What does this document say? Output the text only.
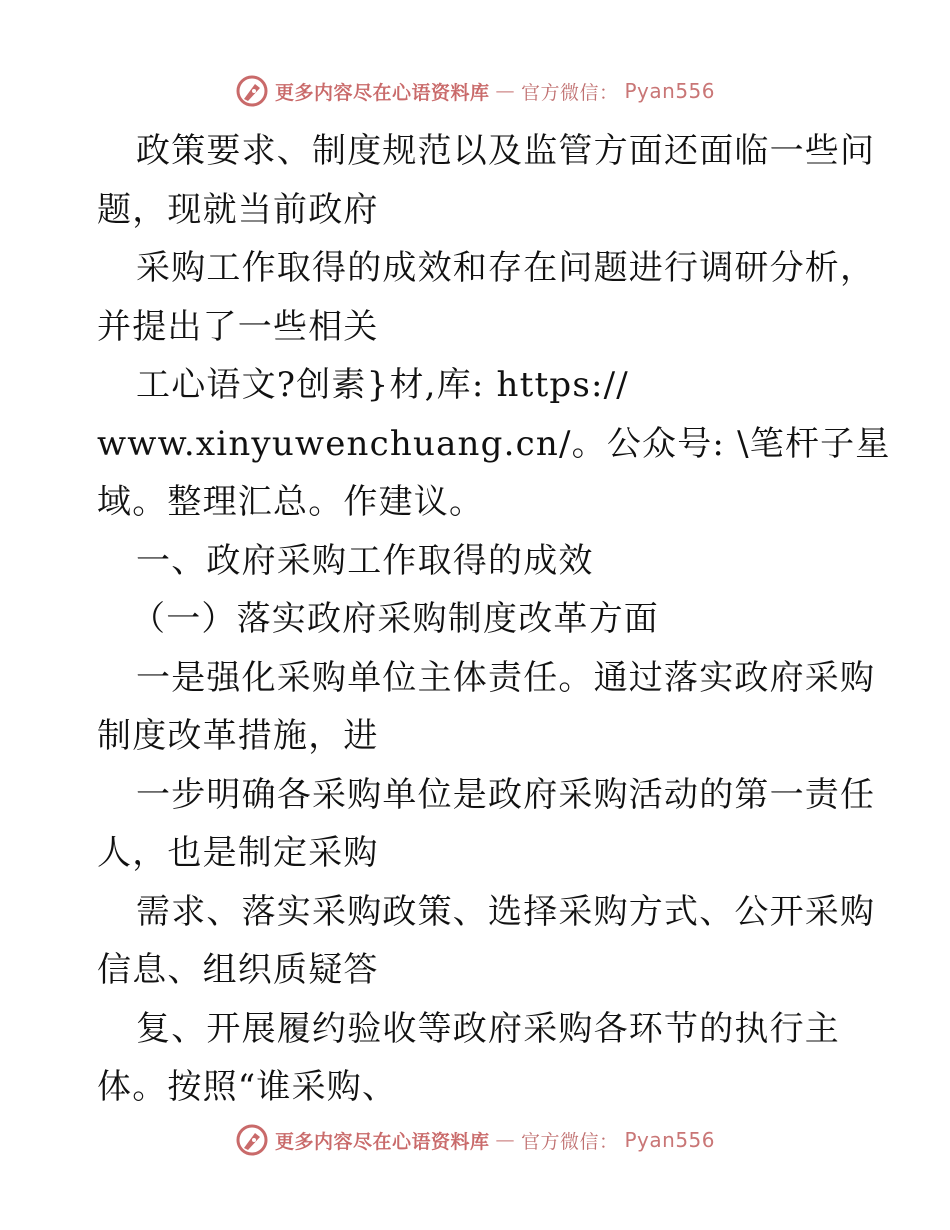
更多内容尽在心语资料库 — 官方微信： Pyan556
政策要求、制度规范以及监管方面还面临一些问
题，现就当前政府
采购工作取得的成效和存在问题进行调研分析，
并提出了一些相关
工心语文?创素}材,库: https://
www.xinyuwenchuang.cn/。公众号: \笔杆子星
域。整理汇总。作建议。
一、政府采购工作取得的成效
（一）落实政府采购制度改革方面
一是强化采购单位主体责任。通过落实政府采购
制度改革措施，进
一步明确各采购单位是政府采购活动的第一责任
人，也是制定采购
需求、落实采购政策、选择采购方式、公开采购
信息、组织质疑答
复、开展履约验收等政府采购各环节的执行主
体。按照“谁采购、
更多内容尽在心语资料库 — 官方微信： Pyan556
